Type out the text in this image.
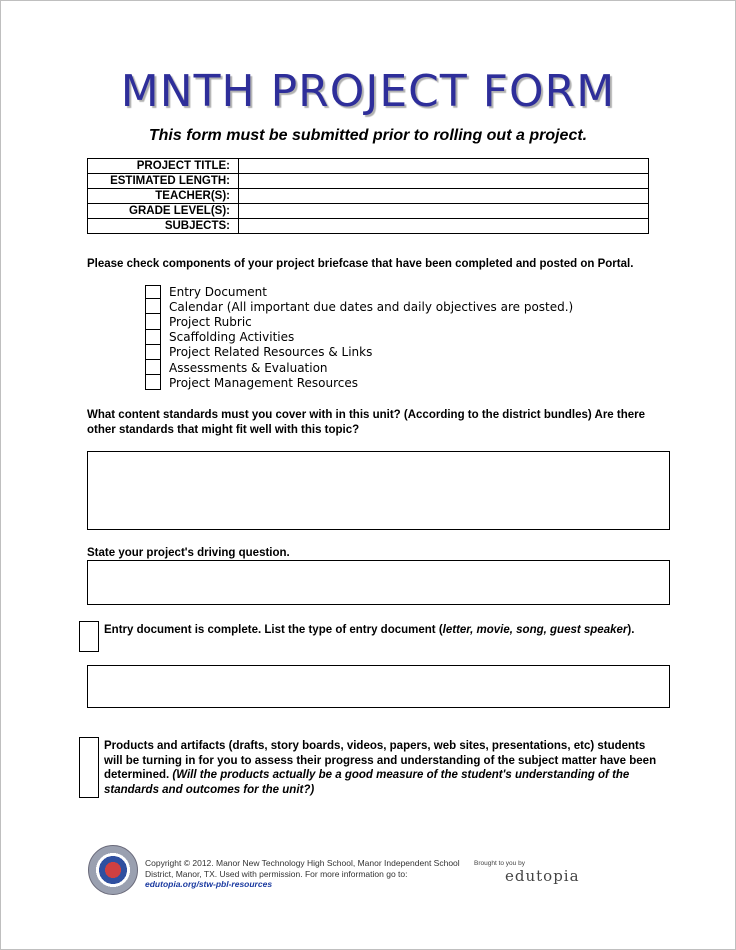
MNTH PROJECT FORM
This form must be submitted prior to rolling out a project.
PROJECT TITLE:	
ESTIMATED LENGTH:	
TEACHER(S):	
GRADE LEVEL(S):	
SUBJECTS:	
Please check components of your project briefcase that have been completed and posted on Portal.
Entry Document
Calendar (All important due dates and daily objectives are posted.)
Project Rubric
Scaffolding Activities
Project Related Resources & Links
Assessments & Evaluation
Project Management Resources
What content standards must you cover with in this unit? (According to the district bundles) Are there other standards that might fit well with this topic?
State your project's driving question.
Entry document is complete. List the type of entry document (letter, movie, song, guest speaker).
Products and artifacts (drafts, story boards, videos, papers, web sites, presentations, etc) students will be turning in for you to assess their progress and understanding of the subject matter have been determined. (Will the products actually be a good measure of the student's understanding of the standards and outcomes for the unit?)
Copyright © 2012. Manor New Technology High School, Manor Independent School District, Manor, TX. Used with permission. For more information go to:
edutopia.org/stw-pbl-resources
Brought to you by
edutopia
